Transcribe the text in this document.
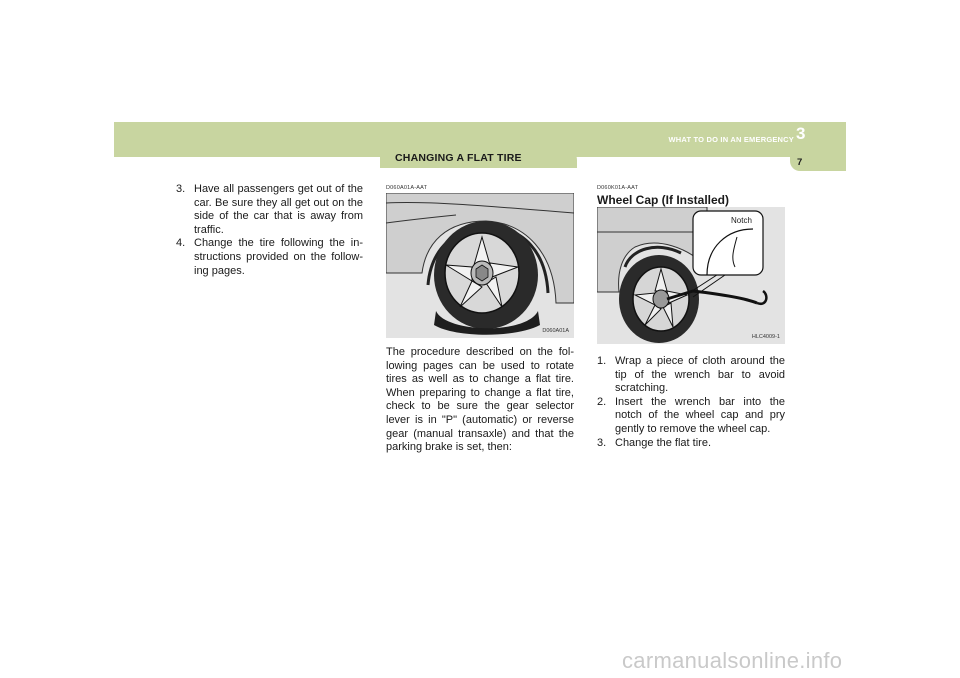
CHANGING A FLAT TIRE
WHAT TO DO IN AN EMERGENCY 3
7
3. Have all passengers get out of the car. Be sure they all get out on the side of the car that is away from traffic.
4. Change the tire following the in-structions provided on the follow-ing pages.
D060A01A-AAT
D060A01A
The procedure described on the fol-lowing pages can be used to rotate tires as well as to change a flat tire. When preparing to change a flat tire, check to be sure the gear selector lever is in "P" (automatic) or reverse gear (manual transaxle) and that the parking brake is set, then:
D060K01A-AAT
Wheel Cap (If Installed)
Notch
HLC4009-1
1. Wrap a piece of cloth around the tip of the wrench bar to avoid scratching.
2. Insert the wrench bar into the notch of the wheel cap and pry gently to remove the wheel cap.
3. Change the flat tire.
carmanualsonline.info
